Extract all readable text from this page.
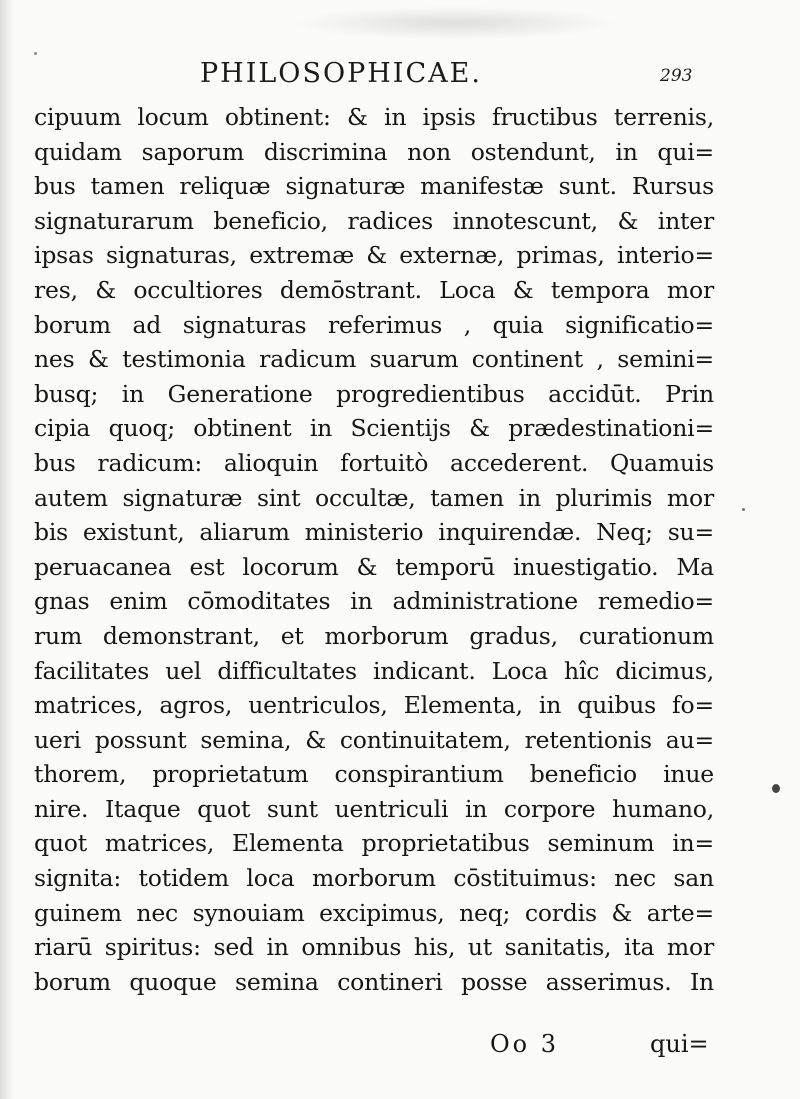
PHILOSOPHICAE.	293
cipuum locum obtinent: & in ipsis fructibus terrenis,
quidam saporum discrimina non ostendunt, in qui=
bus tamen reliquæ signaturæ manifestæ sunt. Rursus
signaturarum beneficio, radices innotescunt, & inter
ipsas signaturas, extremæ & externæ, primas, interio=
res, & occultiores demōstrant. Loca & tempora mor
borum ad signaturas referimus , quia significatio=
nes & testimonia radicum suarum continent , semini=
busq; in Generatione progredientibus accidūt. Prin
cipia quoq; obtinent in Scientijs & prædestinationi=
bus radicum: alioquin fortuitò accederent. Quamuis
autem signaturæ sint occultæ, tamen in plurimis mor
bis existunt, aliarum ministerio inquirendæ. Neq; su=
peruacanea est locorum & temporū inuestigatio. Ma
gnas enim cōmoditates in administratione remedio=
rum demonstrant, et morborum gradus, curationum
facilitates uel difficultates indicant. Loca hîc dicimus,
matrices, agros, uentriculos, Elementa, in quibus fo=
ueri possunt semina, & continuitatem, retentionis au=
thorem, proprietatum conspirantium beneficio inue
nire. Itaque quot sunt uentriculi in corpore humano,
quot matrices, Elementa proprietatibus seminum in=
signita: totidem loca morborum cōstituimus: nec san
guinem nec synouiam excipimus, neq; cordis & arte=
riarū spiritus: sed in omnibus his, ut sanitatis, ita mor
borum quoque semina contineri posse asserimus. In
Oo 3	qui=
